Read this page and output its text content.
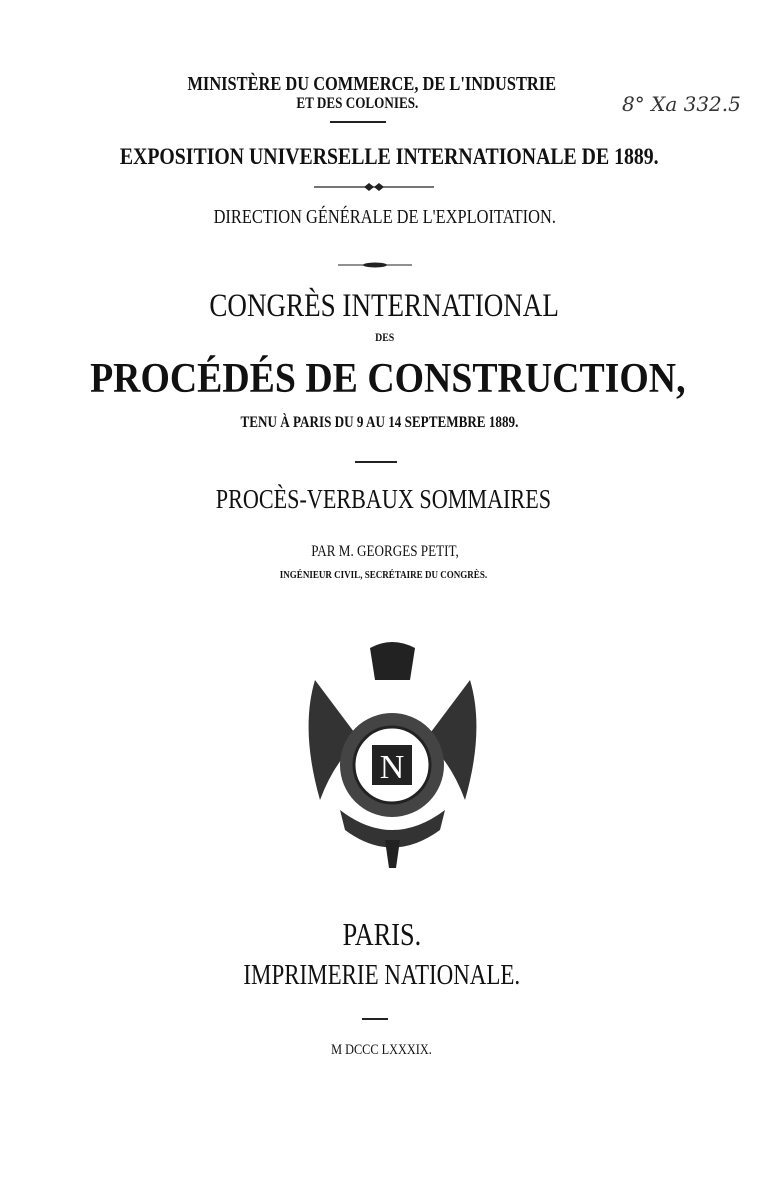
MINISTÈRE DU COMMERCE, DE L'INDUSTRIE
ET DES COLONIES.	8° Xa 332.5
EXPOSITION UNIVERSELLE INTERNATIONALE DE 1889.
DIRECTION GÉNÉRALE DE L'EXPLOITATION.
CONGRÈS INTERNATIONAL
DES
PROCÉDÉS DE CONSTRUCTION,
TENU À PARIS DU 9 AU 14 SEPTEMBRE 1889.
PROCÈS-VERBAUX SOMMAIRES
PAR M. GEORGES PETIT,
INGÉNIEUR CIVIL, SECRÉTAIRE DU CONGRÈS.
N
PARIS.
IMPRIMERIE NATIONALE.
M DCCC LXXXIX.
